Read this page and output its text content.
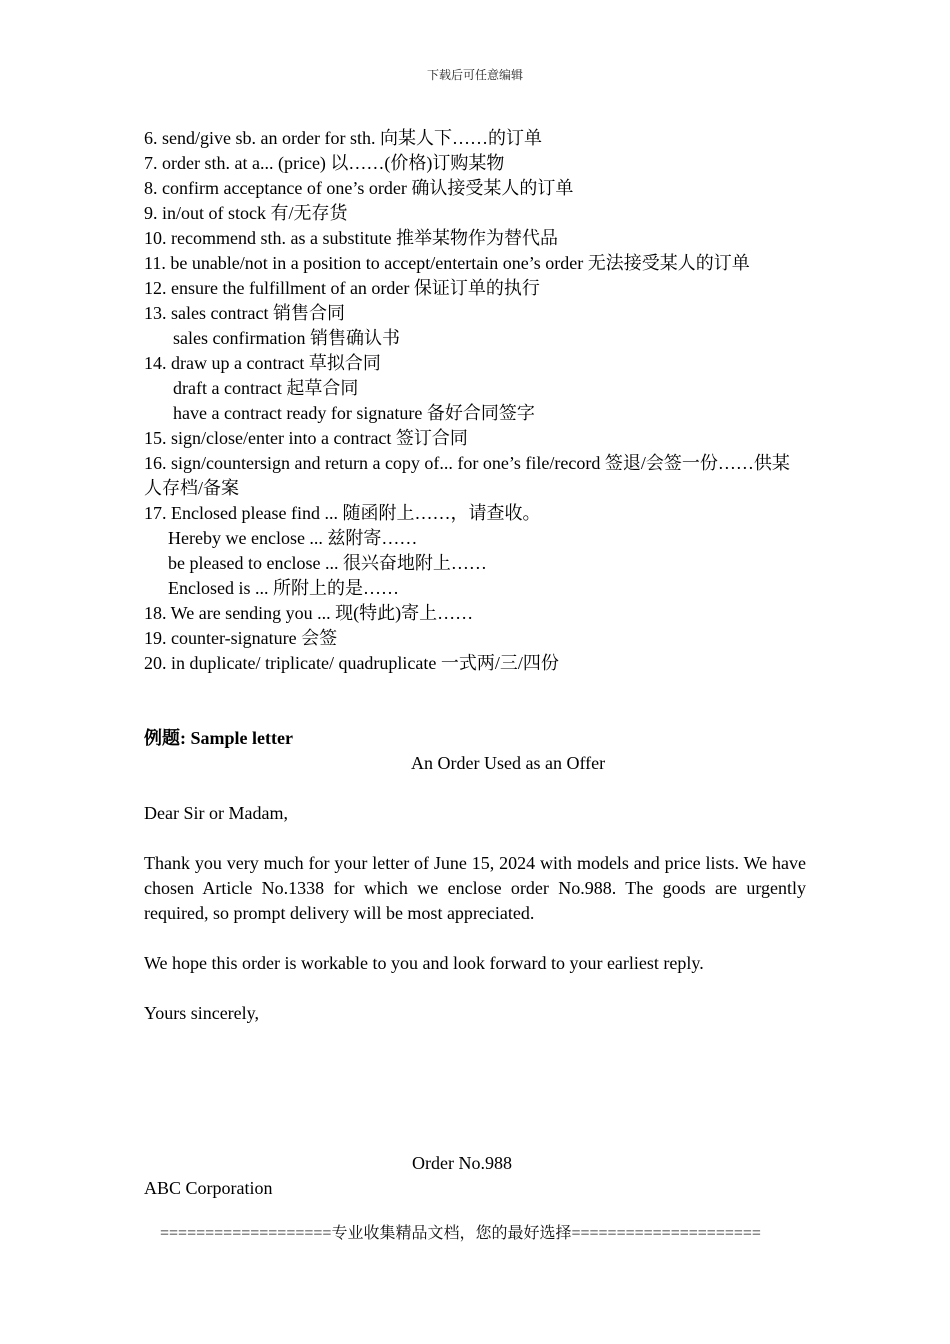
下载后可任意编辑

6. send/give sb. an order for sth. 向某人下……的订单

7. order sth. at a... (price) 以……(价格)订购某物

8. confirm acceptance of one’s order 确认接受某人的订单

9. in/out of stock 有/无存货

10. recommend sth. as a substitute 推举某物作为替代品

11. be unable/not in a position to accept/entertain one’s order 无法接受某人的订单

12. ensure the fulfillment of an order 保证订单的执行

13. sales contract 销售合同

sales confirmation 销售确认书

14. draw up a contract 草拟合同

draft a contract 起草合同

have a contract ready for signature 备好合同签字

15. sign/close/enter into a contract 签订合同

16. sign/countersign and return a copy of... for one’s file/record 签退/会签一份……供某人存档/备案

17. Enclosed please find ... 随函附上……，请查收。

Hereby we enclose ... 兹附寄……

be pleased to enclose ... 很兴奋地附上……

Enclosed is ... 所附上的是……

18. We are sending you ... 现(特此)寄上……

19. counter-signature 会签

20. in duplicate/ triplicate/ quadruplicate 一式两/三/四份

例题: Sample letter

An Order Used as an Offer

Dear Sir or Madam,

Thank you very much for your letter of June 15, 2024 with models and price lists. We have chosen Article No.1338 for which we enclose order No.988. The goods are urgently required, so prompt delivery will be most appreciated.

We hope this order is workable to you and look forward to your earliest reply.

Yours sincerely,

Order No.988

ABC Corporation

===================专业收集精品文档，您的最好选择=====================
